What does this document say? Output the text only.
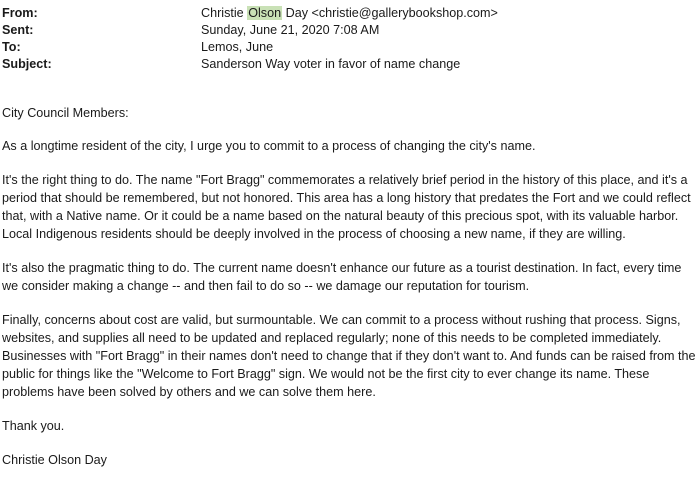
From:	Christie Olson Day <christie@gallerybookshop.com>
Sent:	Sunday, June 21, 2020 7:08 AM
To:	Lemos, June
Subject:	Sanderson Way voter in favor of name change

City Council Members:

As a longtime resident of the city, I urge you to commit to a process of changing the city's name.

It's the right thing to do. The name "Fort Bragg" commemorates a relatively brief period in the history of this place, and it's a period that should be remembered, but not honored. This area has a long history that predates the Fort and we could reflect that, with a Native name. Or it could be a name based on the natural beauty of this precious spot, with its valuable harbor. Local Indigenous residents should be deeply involved in the process of choosing a new name, if they are willing.

It's also the pragmatic thing to do. The current name doesn't enhance our future as a tourist destination. In fact, every time we consider making a change -- and then fail to do so -- we damage our reputation for tourism.

Finally, concerns about cost are valid, but surmountable. We can commit to a process without rushing that process. Signs, websites, and supplies all need to be updated and replaced regularly; none of this needs to be completed immediately. Businesses with "Fort Bragg" in their names don't need to change that if they don't want to. And funds can be raised from the public for things like the "Welcome to Fort Bragg" sign. We would not be the first city to ever change its name. These problems have been solved by others and we can solve them here.

Thank you.

Christie Olson Day
